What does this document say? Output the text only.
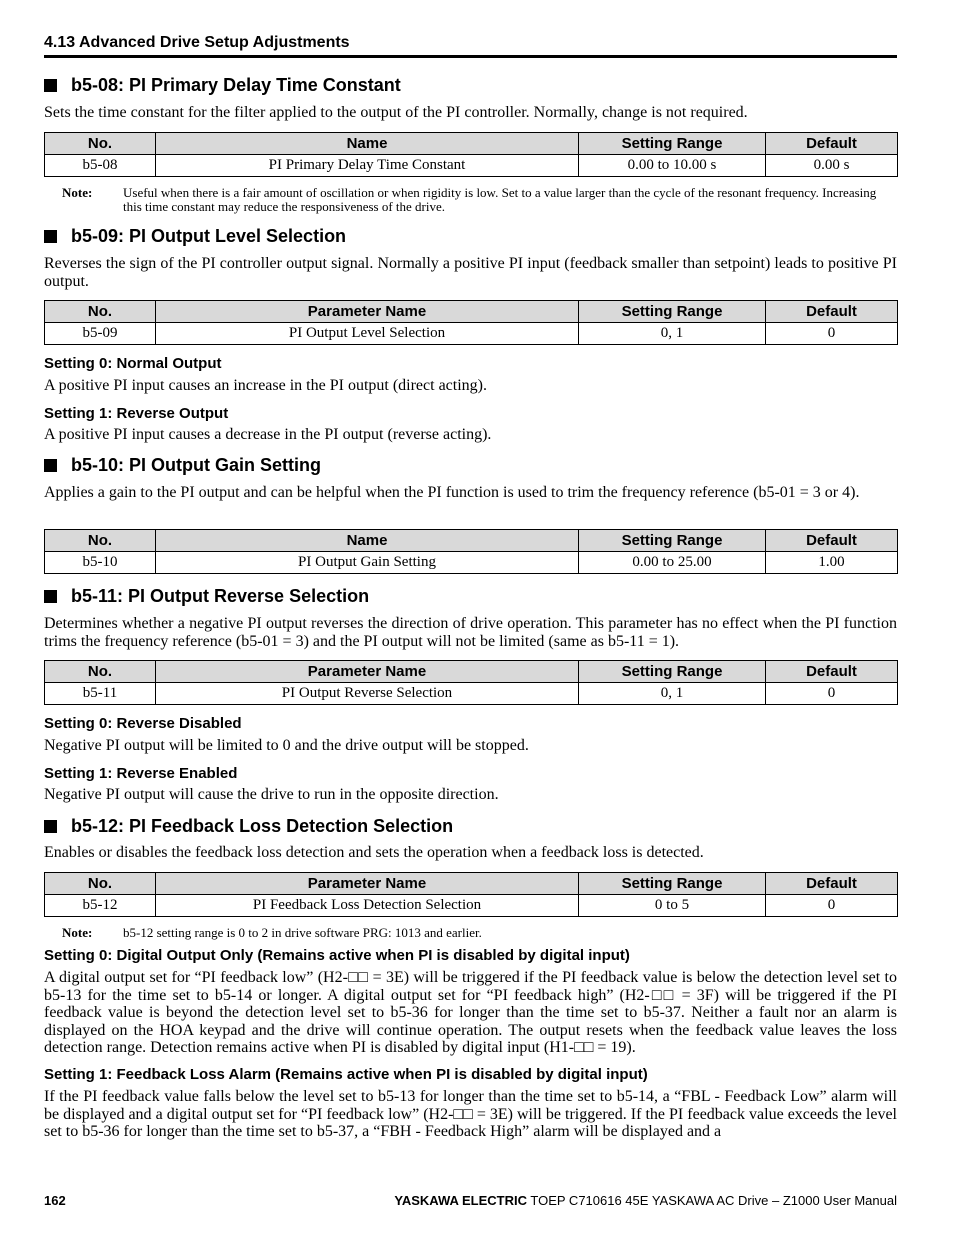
4.13 Advanced Drive Setup Adjustments
b5-08: PI Primary Delay Time Constant
Sets the time constant for the filter applied to the output of the PI controller. Normally, change is not required.
No.	Name	Setting Range	Default
b5-08	PI Primary Delay Time Constant	0.00 to 10.00 s	0.00 s
Note: Useful when there is a fair amount of oscillation or when rigidity is low. Set to a value larger than the cycle of the resonant frequency. Increasing this time constant may reduce the responsiveness of the drive.
b5-09: PI Output Level Selection
Reverses the sign of the PI controller output signal. Normally a positive PI input (feedback smaller than setpoint) leads to positive PI output.
No.	Parameter Name	Setting Range	Default
b5-09	PI Output Level Selection	0, 1	0
Setting 0: Normal Output
A positive PI input causes an increase in the PI output (direct acting).
Setting 1: Reverse Output
A positive PI input causes a decrease in the PI output (reverse acting).
b5-10: PI Output Gain Setting
Applies a gain to the PI output and can be helpful when the PI function is used to trim the frequency reference (b5-01 = 3 or 4).
No.	Name	Setting Range	Default
b5-10	PI Output Gain Setting	0.00 to 25.00	1.00
b5-11: PI Output Reverse Selection
Determines whether a negative PI output reverses the direction of drive operation. This parameter has no effect when the PI function trims the frequency reference (b5-01 = 3) and the PI output will not be limited (same as b5-11 = 1).
No.	Parameter Name	Setting Range	Default
b5-11	PI Output Reverse Selection	0, 1	0
Setting 0: Reverse Disabled
Negative PI output will be limited to 0 and the drive output will be stopped.
Setting 1: Reverse Enabled
Negative PI output will cause the drive to run in the opposite direction.
b5-12: PI Feedback Loss Detection Selection
Enables or disables the feedback loss detection and sets the operation when a feedback loss is detected.
No.	Parameter Name	Setting Range	Default
b5-12	PI Feedback Loss Detection Selection	0 to 5	0
Note: b5-12 setting range is 0 to 2 in drive software PRG: 1013 and earlier.
Setting 0: Digital Output Only (Remains active when PI is disabled by digital input)
A digital output set for “PI feedback low” (H2-□□ = 3E) will be triggered if the PI feedback value is below the detection level set to b5-13 for the time set to b5-14 or longer. A digital output set for “PI feedback high” (H2-□□ = 3F) will be triggered if the PI feedback value is beyond the detection level set to b5-36 for longer than the time set to b5-37. Neither a fault nor an alarm is displayed on the HOA keypad and the drive will continue operation. The output resets when the feedback value leaves the loss detection range. Detection remains active when PI is disabled by digital input (H1-□□ = 19).
Setting 1: Feedback Loss Alarm (Remains active when PI is disabled by digital input)
If the PI feedback value falls below the level set to b5-13 for longer than the time set to b5-14, a “FBL - Feedback Low” alarm will be displayed and a digital output set for “PI feedback low” (H2-□□ = 3E) will be triggered. If the PI feedback value exceeds the level set to b5-36 for longer than the time set to b5-37, a “FBH - Feedback High” alarm will be displayed and a
162	YASKAWA ELECTRIC TOEP C710616 45E YASKAWA AC Drive – Z1000 User Manual
